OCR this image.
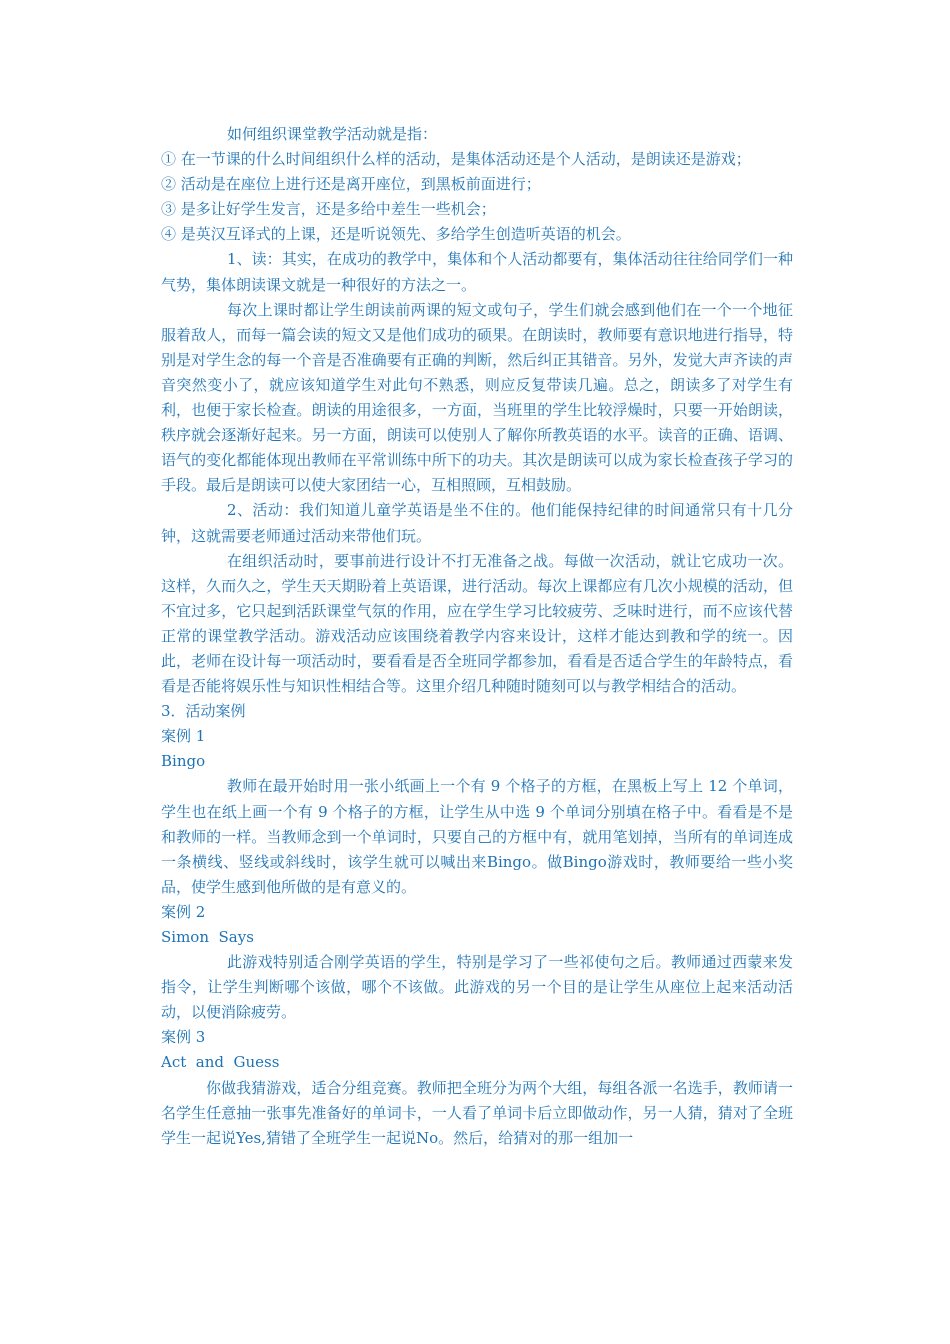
如何组织课堂教学活动就是指：

① 在一节课的什么时间组织什么样的活动，是集体活动还是个人活动，是朗读还是游戏；

② 活动是在座位上进行还是离开座位，到黑板前面进行；

③ 是多让好学生发言，还是多给中差生一些机会；

④ 是英汉互译式的上课，还是听说领先、多给学生创造听英语的机会。

1、读：其实，在成功的教学中，集体和个人活动都要有，集体活动往往给同学们一种气势，集体朗读课文就是一种很好的方法之一。

每次上课时都让学生朗读前两课的短文或句子，学生们就会感到他们在一个一个地征服着敌人，而每一篇会读的短文又是他们成功的硕果。在朗读时，教师要有意识地进行指导，特别是对学生念的每一个音是否准确要有正确的判断，然后纠正其错音。另外，发觉大声齐读的声音突然变小了，就应该知道学生对此句不熟悉，则应反复带读几遍。总之，朗读多了对学生有利，也便于家长检查。朗读的用途很多，一方面，当班里的学生比较浮燥时，只要一开始朗读，秩序就会逐渐好起来。另一方面，朗读可以使别人了解你所教英语的水平。读音的正确、语调、语气的变化都能体现出教师在平常训练中所下的功夫。其次是朗读可以成为家长检查孩子学习的手段。最后是朗读可以使大家团结一心，互相照顾，互相鼓励。

2、活动：我们知道儿童学英语是坐不住的。他们能保持纪律的时间通常只有十几分钟，这就需要老师通过活动来带他们玩。

在组织活动时，要事前进行设计不打无准备之战。每做一次活动，就让它成功一次。这样，久而久之，学生天天期盼着上英语课，进行活动。每次上课都应有几次小规模的活动，但不宜过多，它只起到活跃课堂气氛的作用，应在学生学习比较疲劳、乏味时进行，而不应该代替正常的课堂教学活动。游戏活动应该围绕着教学内容来设计，这样才能达到教和学的统一。因此，老师在设计每一项活动时，要看看是否全班同学都参加，看看是否适合学生的年龄特点，看看是否能将娱乐性与知识性相结合等。这里介绍几种随时随刻可以与教学相结合的活动。

3．活动案例

案例 1

Bingo

教师在最开始时用一张小纸画上一个有 9 个格子的方框，在黑板上写上 12 个单词，学生也在纸上画一个有 9 个格子的方框，让学生从中选 9 个单词分别填在格子中。看看是不是和教师的一样。当教师念到一个单词时，只要自己的方框中有，就用笔划掉，当所有的单词连成一条横线、竖线或斜线时，该学生就可以喊出来Bingo。做Bingo游戏时，教师要给一些小奖品，使学生感到他所做的是有意义的。

案例 2

Simon  Says

此游戏特别适合刚学英语的学生，特别是学习了一些祁使句之后。教师通过西蒙来发指令，让学生判断哪个该做，哪个不该做。此游戏的另一个目的是让学生从座位上起来活动活动，以便消除疲劳。

案例 3

Act  and  Guess

你做我猜游戏，适合分组竞赛。教师把全班分为两个大组，每组各派一名选手，教师请一名学生任意抽一张事先准备好的单词卡，一人看了单词卡后立即做动作，另一人猜，猜对了全班学生一起说Yes,猜错了全班学生一起说No。然后，给猜对的那一组加一
